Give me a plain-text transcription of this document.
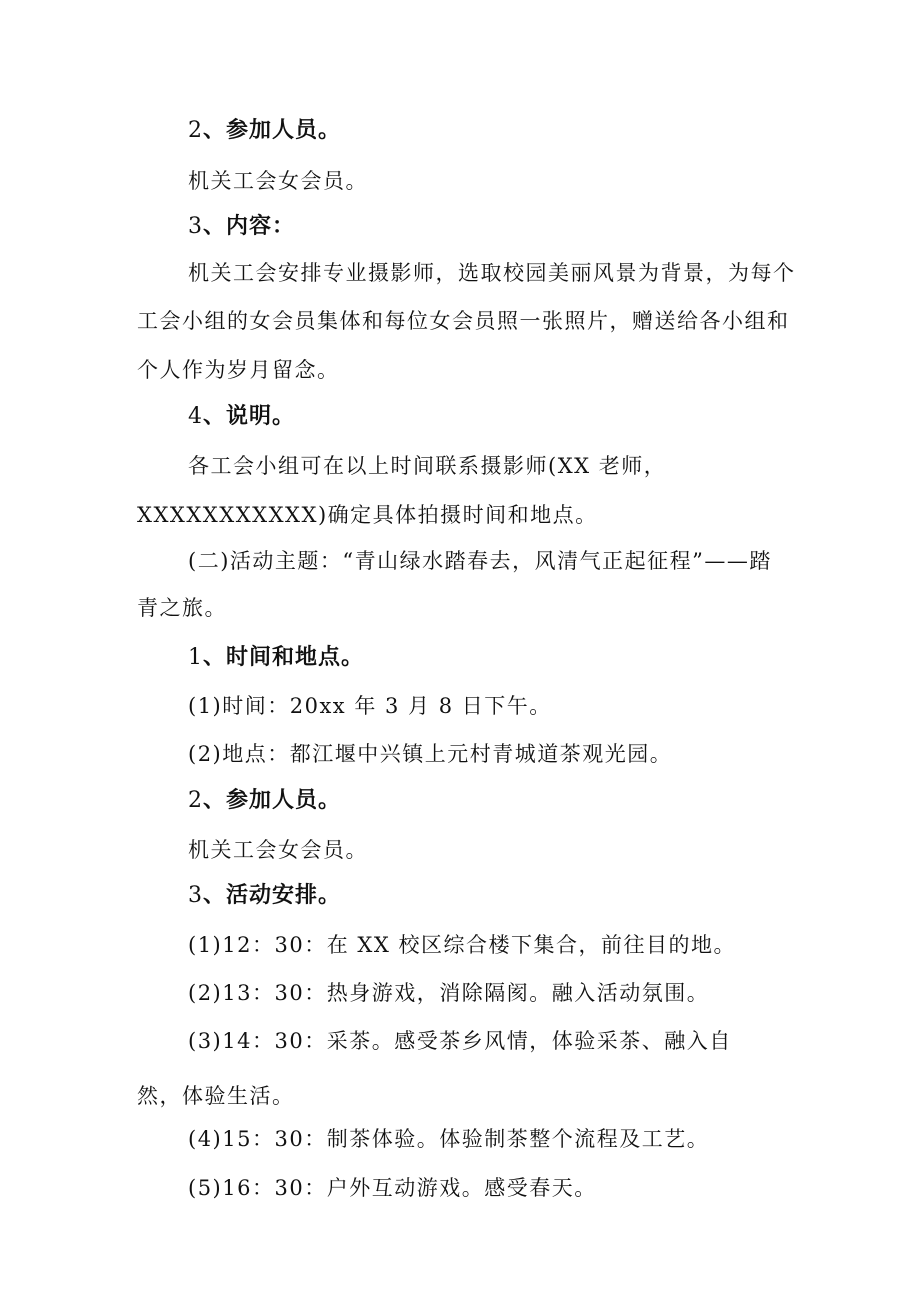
2、参加人员。
机关工会女会员。
3、内容：
机关工会安排专业摄影师，选取校园美丽风景为背景，为每个
工会小组的女会员集体和每位女会员照一张照片，赠送给各小组和
个人作为岁月留念。
4、说明。
各工会小组可在以上时间联系摄影师(XX 老师，
XXXXXXXXXXX)确定具体拍摄时间和地点。
(二)活动主题：“青山绿水踏春去，风清气正起征程”——踏
青之旅。
1、时间和地点。
(1)时间：20xx 年 3 月 8 日下午。
(2)地点：都江堰中兴镇上元村青城道茶观光园。
2、参加人员。
机关工会女会员。
3、活动安排。
(1)12：30：在 XX 校区综合楼下集合，前往目的地。
(2)13：30：热身游戏，消除隔阂。融入活动氛围。
(3)14：30：采茶。感受茶乡风情，体验采茶、融入自
然，体验生活。
(4)15：30：制茶体验。体验制茶整个流程及工艺。
(5)16：30：户外互动游戏。感受春天。
